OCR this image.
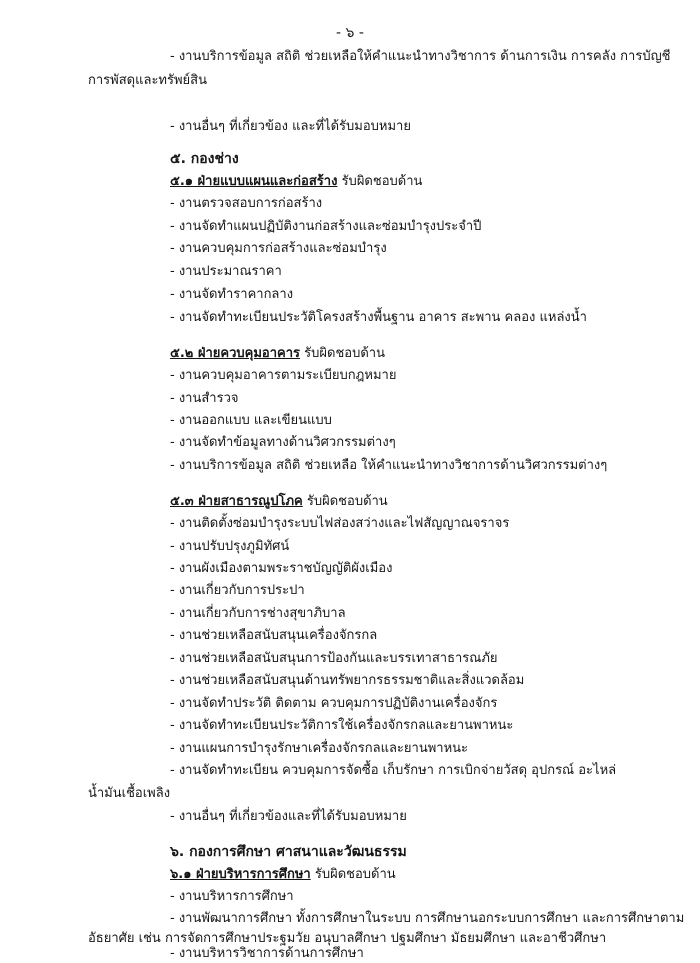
- ๖ -
- งานบริการข้อมูล สถิติ ช่วยเหลือให้คำแนะนำทางวิชาการ ด้านการเงิน การคลัง การบัญชี
การพัสดุและทรัพย์สิน
- งานอื่นๆ ที่เกี่ยวข้อง และที่ได้รับมอบหมาย
๕. กองช่าง
๕.๑ ฝ่ายแบบแผนและก่อสร้าง รับผิดชอบด้าน
- งานตรวจสอบการก่อสร้าง
- งานจัดทำแผนปฏิบัติงานก่อสร้างและซ่อมบำรุงประจำปี
- งานควบคุมการก่อสร้างและซ่อมบำรุง
- งานประมาณราคา
- งานจัดทำราคากลาง
- งานจัดทำทะเบียนประวัติโครงสร้างพื้นฐาน อาคาร สะพาน คลอง แหล่งน้ำ
๕.๒ ฝ่ายควบคุมอาคาร รับผิดชอบด้าน
- งานควบคุมอาคารตามระเบียบกฎหมาย
- งานสำรวจ
- งานออกแบบ และเขียนแบบ
- งานจัดทำข้อมูลทางด้านวิศวกรรมต่างๆ
- งานบริการข้อมูล สถิติ ช่วยเหลือ ให้คำแนะนำทางวิชาการด้านวิศวกรรมต่างๆ
๕.๓ ฝ่ายสาธารณูปโภค รับผิดชอบด้าน
- งานติดตั้งซ่อมบำรุงระบบไฟส่องสว่างและไฟสัญญาณจราจร
- งานปรับปรุงภูมิทัศน์
- งานผังเมืองตามพระราชบัญญัติผังเมือง
- งานเกี่ยวกับการประปา
- งานเกี่ยวกับการช่างสุขาภิบาล
- งานช่วยเหลือสนับสนุนเครื่องจักรกล
- งานช่วยเหลือสนับสนุนการป้องกันและบรรเทาสาธารณภัย
- งานช่วยเหลือสนับสนุนด้านทรัพยากรธรรมชาติและสิ่งแวดล้อม
- งานจัดทำประวัติ ติดตาม ควบคุมการปฏิบัติงานเครื่องจักร
- งานจัดทำทะเบียนประวัติการใช้เครื่องจักรกลและยานพาหนะ
- งานแผนการบำรุงรักษาเครื่องจักรกลและยานพาหนะ
- งานจัดทำทะเบียน ควบคุมการจัดซื้อ เก็บรักษา การเบิกจ่ายวัสดุ อุปกรณ์ อะไหล่
น้ำมันเชื้อเพลิง
- งานอื่นๆ ที่เกี่ยวข้องและที่ได้รับมอบหมาย
๖. กองการศึกษา ศาสนาและวัฒนธรรม
๖.๑ ฝ่ายบริหารการศึกษา รับผิดชอบด้าน
- งานบริหารการศึกษา
- งานพัฒนาการศึกษา ทั้งการศึกษาในระบบ การศึกษานอกระบบการศึกษา และการศึกษาตาม
อัธยาศัย เช่น การจัดการศึกษาประฐมวัย อนุบาลศึกษา ปฐมศึกษา มัธยมศึกษา และอาชีวศึกษา
- งานบริหารวิชาการด้านการศึกษา
